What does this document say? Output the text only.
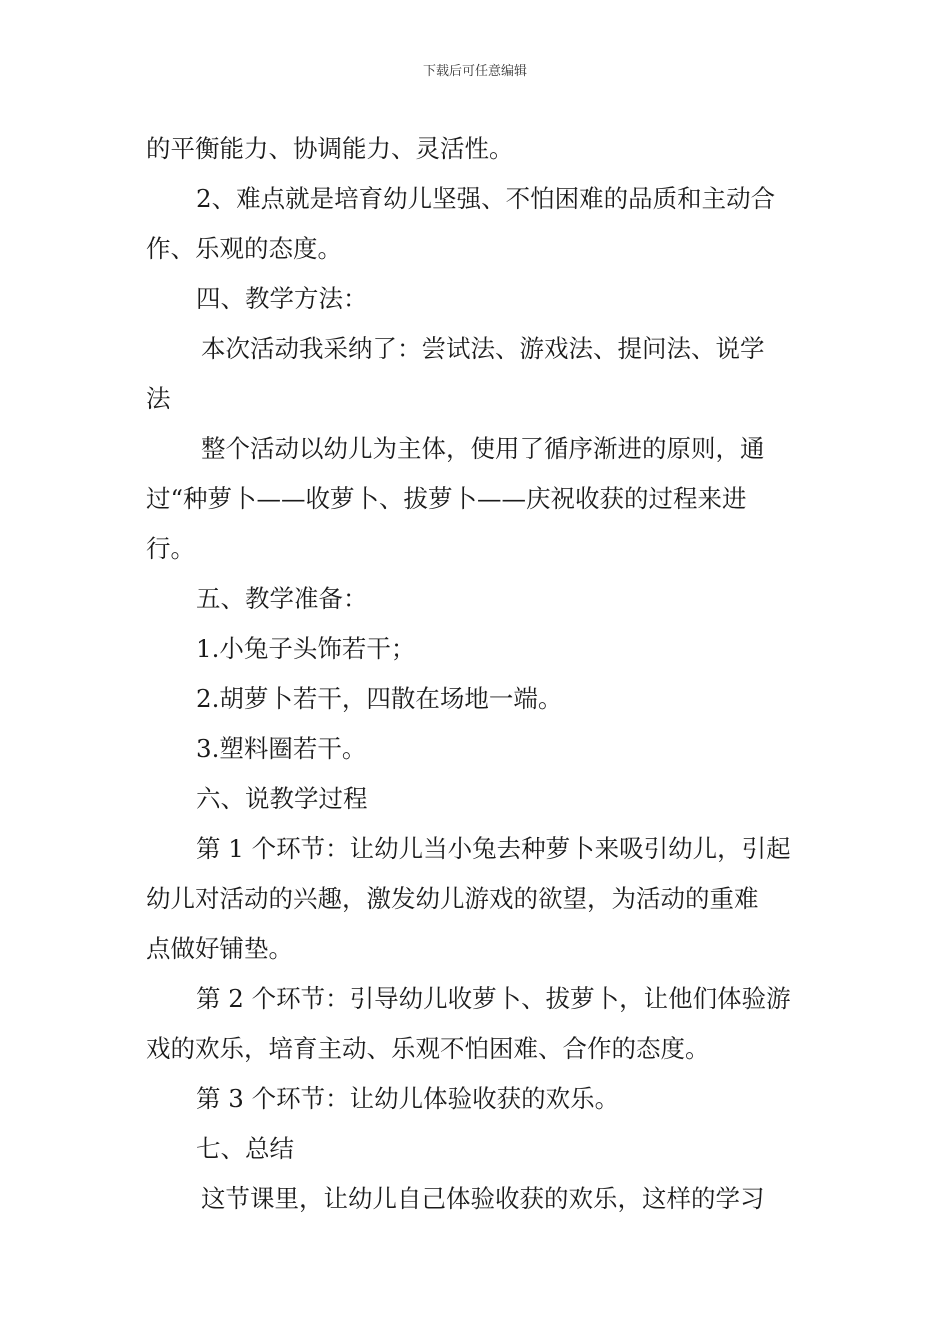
下载后可任意编辑
的平衡能力、协调能力、灵活性。
2、难点就是培育幼儿坚强、不怕困难的品质和主动合
作、乐观的态度。
四、教学方法：
本次活动我采纳了：尝试法、游戏法、提问法、说学
法
整个活动以幼儿为主体，使用了循序渐进的原则，通
过“种萝卜——收萝卜、拔萝卜——庆祝收获的过程来进
行。
五、教学准备：
1.小兔子头饰若干；
2.胡萝卜若干，四散在场地一端。
3.塑料圈若干。
六、说教学过程
第 1 个环节：让幼儿当小兔去种萝卜来吸引幼儿，引起
幼儿对活动的兴趣，激发幼儿游戏的欲望，为活动的重难
点做好铺垫。
第 2 个环节：引导幼儿收萝卜、拔萝卜，让他们体验游
戏的欢乐，培育主动、乐观不怕困难、合作的态度。
第 3 个环节：让幼儿体验收获的欢乐。
七、总结
这节课里，让幼儿自己体验收获的欢乐，这样的学习
